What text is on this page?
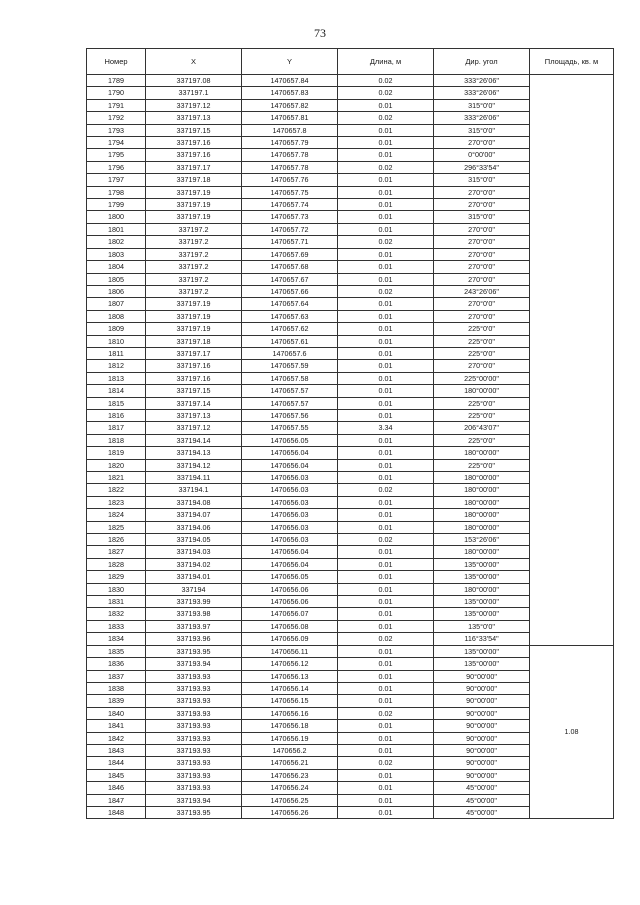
73
Номер	X	Y	Длина, м	Дир. угол	Площадь, кв. м
1789	337197.08	1470657.84	0.02	333°26'06"	
1790	337197.1	1470657.83	0.02	333°26'06"	
1791	337197.12	1470657.82	0.01	315°0'0"	
1792	337197.13	1470657.81	0.02	333°26'06"	
1793	337197.15	1470657.8	0.01	315°0'0"	
1794	337197.16	1470657.79	0.01	270°0'0"	
1795	337197.16	1470657.78	0.01	0°00'00"	
1796	337197.17	1470657.78	0.02	296°33'54"	
1797	337197.18	1470657.76	0.01	315°0'0"	
1798	337197.19	1470657.75	0.01	270°0'0"	
1799	337197.19	1470657.74	0.01	270°0'0"	
1800	337197.19	1470657.73	0.01	315°0'0"	
1801	337197.2	1470657.72	0.01	270°0'0"	
1802	337197.2	1470657.71	0.02	270°0'0"	
1803	337197.2	1470657.69	0.01	270°0'0"	
1804	337197.2	1470657.68	0.01	270°0'0"	
1805	337197.2	1470657.67	0.01	270°0'0"	
1806	337197.2	1470657.66	0.02	243°26'06"	
1807	337197.19	1470657.64	0.01	270°0'0"	
1808	337197.19	1470657.63	0.01	270°0'0"	
1809	337197.19	1470657.62	0.01	225°0'0"	
1810	337197.18	1470657.61	0.01	225°0'0"	
1811	337197.17	1470657.6	0.01	225°0'0"	
1812	337197.16	1470657.59	0.01	270°0'0"	
1813	337197.16	1470657.58	0.01	225°00'00"	
1814	337197.15	1470657.57	0.01	180°00'00"	
1815	337197.14	1470657.57	0.01	225°0'0"	
1816	337197.13	1470657.56	0.01	225°0'0"	
1817	337197.12	1470657.55	3.34	206°43'07"	
1818	337194.14	1470656.05	0.01	225°0'0"	
1819	337194.13	1470656.04	0.01	180°00'00"	
1820	337194.12	1470656.04	0.01	225°0'0"	
1821	337194.11	1470656.03	0.01	180°00'00"	
1822	337194.1	1470656.03	0.02	180°00'00"	
1823	337194.08	1470656.03	0.01	180°00'00"	
1824	337194.07	1470656.03	0.01	180°00'00"	
1825	337194.06	1470656.03	0.01	180°00'00"	
1826	337194.05	1470656.03	0.02	153°26'06"	
1827	337194.03	1470656.04	0.01	180°00'00"	
1828	337194.02	1470656.04	0.01	135°00'00"	
1829	337194.01	1470656.05	0.01	135°00'00"	
1830	337194	1470656.06	0.01	180°00'00"	
1831	337193.99	1470656.06	0.01	135°00'00"	
1832	337193.98	1470656.07	0.01	135°00'00"	
1833	337193.97	1470656.08	0.01	135°0'0"	
1834	337193.96	1470656.09	0.02	116°33'54"	
1835	337193.95	1470656.11	0.01	135°00'00"	1.08
1836	337193.94	1470656.12	0.01	135°00'00"	
1837	337193.93	1470656.13	0.01	90°00'00"	
1838	337193.93	1470656.14	0.01	90°00'00"	
1839	337193.93	1470656.15	0.01	90°00'00"	
1840	337193.93	1470656.16	0.02	90°00'00"	
1841	337193.93	1470656.18	0.01	90°00'00"	
1842	337193.93	1470656.19	0.01	90°00'00"	
1843	337193.93	1470656.2	0.01	90°00'00"	
1844	337193.93	1470656.21	0.02	90°00'00"	
1845	337193.93	1470656.23	0.01	90°00'00"	
1846	337193.93	1470656.24	0.01	45°00'00"	
1847	337193.94	1470656.25	0.01	45°00'00"	
1848	337193.95	1470656.26	0.01	45°00'00"	
